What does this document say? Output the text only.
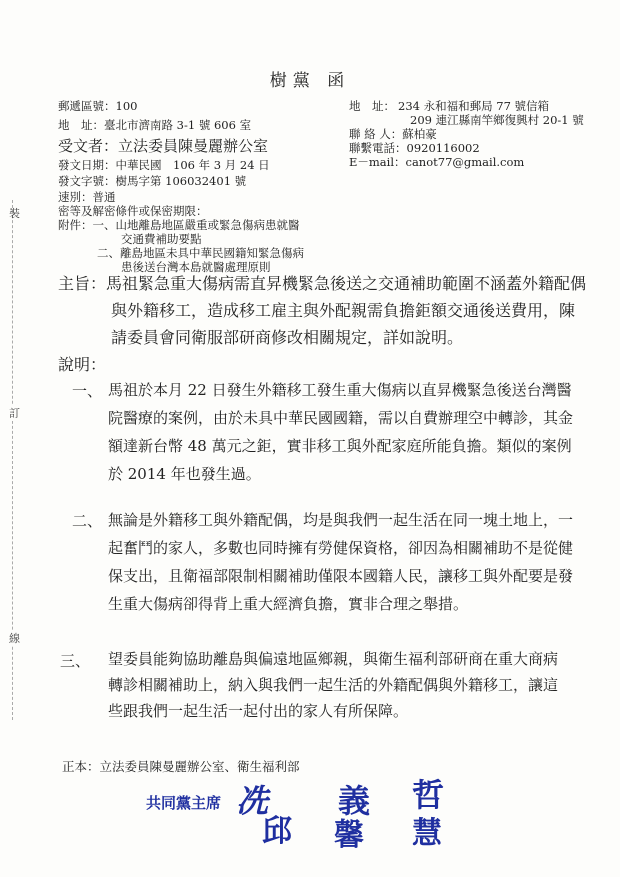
樹黨 函
郵遞區號：100
地　址：臺北市濟南路 3-1 號 606 室
受文者：立法委員陳曼麗辦公室
發文日期：中華民國　106 年 3 月 24 日
發文字號：樹馬字第 106032401 號
速別：普通
密等及解密條件或保密期限：
附件：一、山地離島地區嚴重或緊急傷病患就醫
交通費補助要點
二、離島地區未具中華民國籍知緊急傷病
患後送台灣本島就醫處理原則
地　址： 234 永和福和郵局 77 號信箱
209 連江縣南竿鄉復興村 20-1 號
聯 絡 人：蘇柏豪
聯繫電話：0920116002
E－mail：canot77@gmail.com
裝
訂
線
主旨：馬祖緊急重大傷病需直昇機緊急後送之交通補助範圍不涵蓋外籍配偶與外籍移工，造成移工雇主與外配親需負擔鉅額交通後送費用，陳請委員會同衛服部研商修改相關規定，詳如說明。
說明：
一、 馬祖於本月 22 日發生外籍移工發生重大傷病以直昇機緊急後送台灣醫院醫療的案例，由於未具中華民國國籍，需以自費辦理空中轉診，其金額達新台幣 48 萬元之鉅，實非移工與外配家庭所能負擔。類似的案例於 2014 年也發生過。
二、 無論是外籍移工與外籍配偶，均是與我們一起生活在同一塊土地上，一起奮鬥的家人，多數也同時擁有勞健保資格，卻因為相關補助不是從健保支出，且衛福部限制相關補助僅限本國籍人民，讓移工與外配要是發生重大傷病卻得背上重大經濟負擔，實非合理之舉措。
三、 望委員能夠協助離島與偏遠地區鄉親，與衛生福利部研商在重大商病轉診相關補助上，納入與我們一起生活的外籍配偶與外籍移工，讓這些跟我們一起生活一起付出的家人有所保障。
正本：立法委員陳曼麗辦公室、衛生福利部
共同黨主席 冼
邱
義
馨
哲
慧
